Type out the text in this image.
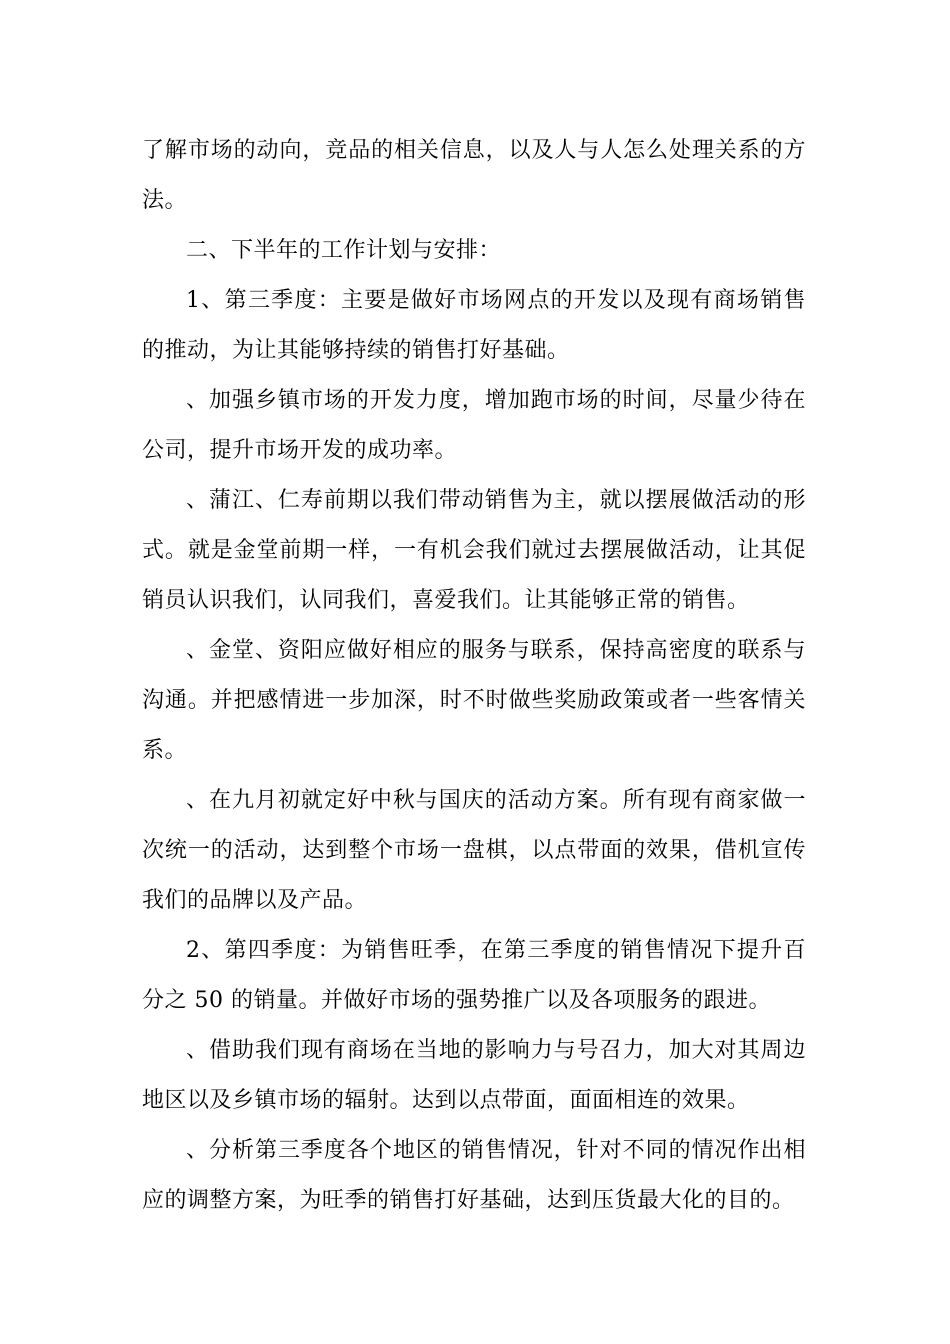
了解市场的动向，竞品的相关信息，以及人与人怎么处理关系的方法。

二、下半年的工作计划与安排：

1、第三季度：主要是做好市场网点的开发以及现有商场销售的推动，为让其能够持续的销售打好基础。

、加强乡镇市场的开发力度，增加跑市场的时间，尽量少待在公司，提升市场开发的成功率。

、蒲江、仁寿前期以我们带动销售为主，就以摆展做活动的形式。就是金堂前期一样，一有机会我们就过去摆展做活动，让其促销员认识我们，认同我们，喜爱我们。让其能够正常的销售。

、金堂、资阳应做好相应的服务与联系，保持高密度的联系与沟通。并把感情进一步加深，时不时做些奖励政策或者一些客情关系。

、在九月初就定好中秋与国庆的活动方案。所有现有商家做一次统一的活动，达到整个市场一盘棋，以点带面的效果，借机宣传我们的品牌以及产品。

2、第四季度：为销售旺季，在第三季度的销售情况下提升百分之 50 的销量。并做好市场的强势推广以及各项服务的跟进。

、借助我们现有商场在当地的影响力与号召力，加大对其周边地区以及乡镇市场的辐射。达到以点带面，面面相连的效果。

、分析第三季度各个地区的销售情况，针对不同的情况作出相应的调整方案，为旺季的销售打好基础，达到压货最大化的目的。
